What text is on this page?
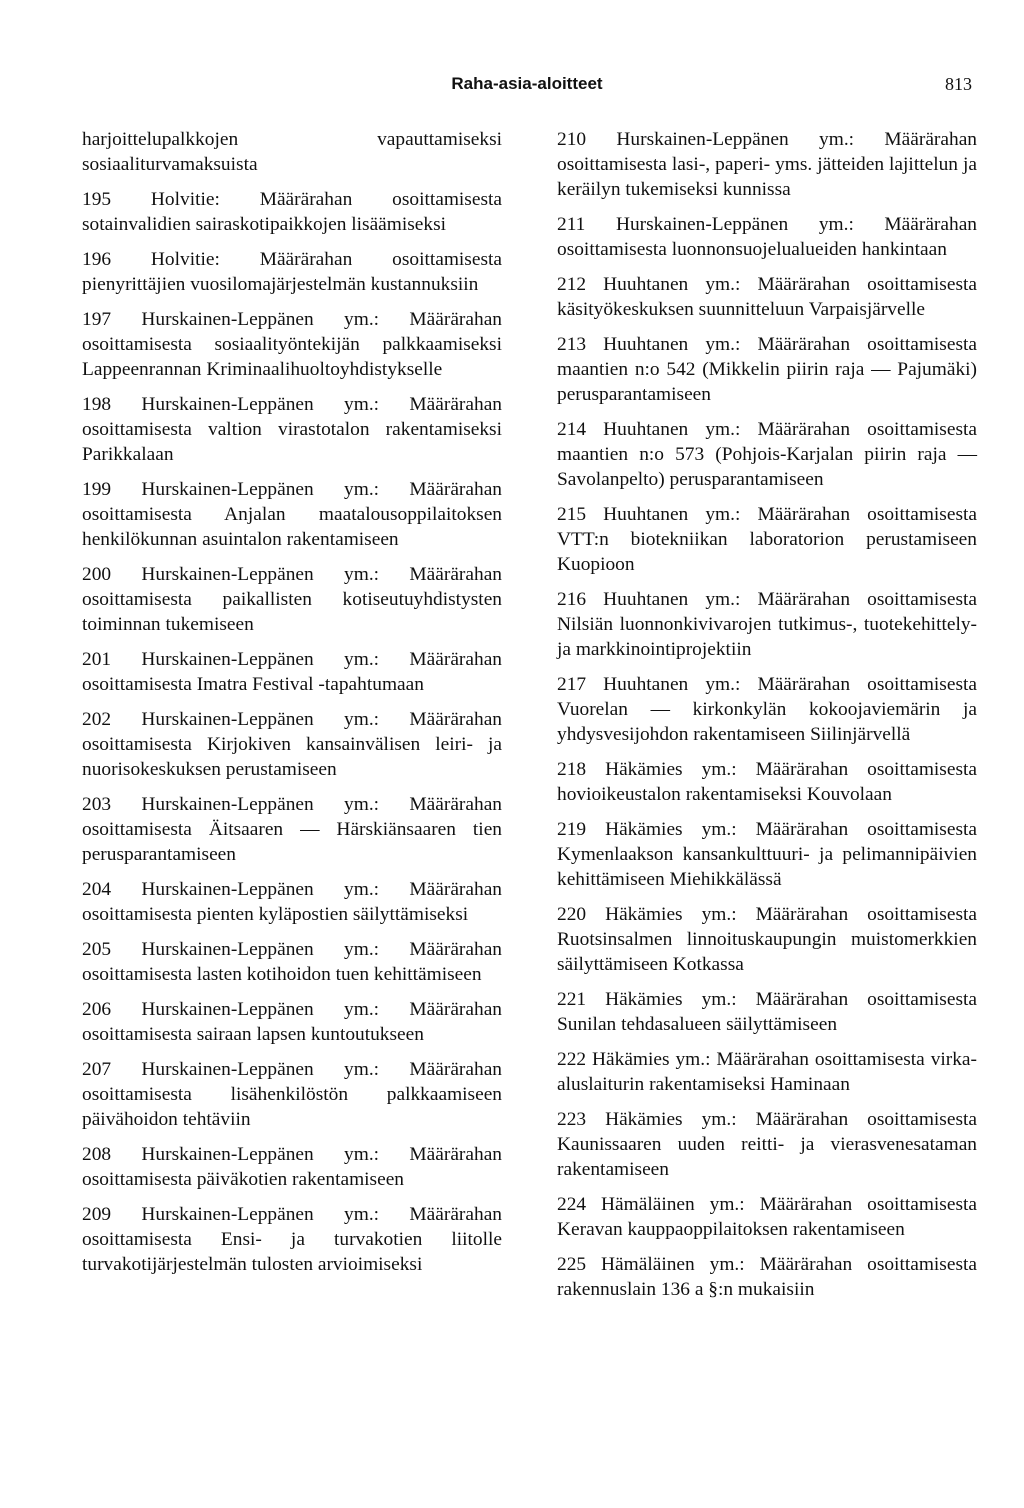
Raha-asia-aloitteet	813

harjoittelupalkkojen vapauttamiseksi sosiaaliturvamaksuista

195 Holvitie: Määrärahan osoittamisesta sotainvalidien sairaskotipaikkojen lisäämiseksi

196 Holvitie: Määrärahan osoittamisesta pienyrittäjien vuosilomajärjestelmän kustannuksiin

197 Hurskainen-Leppänen ym.: Määrärahan osoittamisesta sosiaalityöntekijän palkkaamiseksi Lappeenrannan Kriminaalihuoltoyhdistykselle

198 Hurskainen-Leppänen ym.: Määrärahan osoittamisesta valtion virastotalon rakentamiseksi Parikkalaan

199 Hurskainen-Leppänen ym.: Määrärahan osoittamisesta Anjalan maatalousoppilaitoksen henkilökunnan asuintalon rakentamiseen

200 Hurskainen-Leppänen ym.: Määrärahan osoittamisesta paikallisten kotiseutuyhdistysten toiminnan tukemiseen

201 Hurskainen-Leppänen ym.: Määrärahan osoittamisesta Imatra Festival -tapahtumaan

202 Hurskainen-Leppänen ym.: Määrärahan osoittamisesta Kirjokiven kansainvälisen leiri- ja nuorisokeskuksen perustamiseen

203 Hurskainen-Leppänen ym.: Määrärahan osoittamisesta Äitsaaren — Härskiänsaaren tien perusparantamiseen

204 Hurskainen-Leppänen ym.: Määrärahan osoittamisesta pienten kyläpostien säilyttämiseksi

205 Hurskainen-Leppänen ym.: Määrärahan osoittamisesta lasten kotihoidon tuen kehittämiseen

206 Hurskainen-Leppänen ym.: Määrärahan osoittamisesta sairaan lapsen kuntoutukseen

207 Hurskainen-Leppänen ym.: Määrärahan osoittamisesta lisähenkilöstön palkkaamiseen päivähoidon tehtäviin

208 Hurskainen-Leppänen ym.: Määrärahan osoittamisesta päiväkotien rakentamiseen

209 Hurskainen-Leppänen ym.: Määrärahan osoittamisesta Ensi- ja turvakotien liitolle turvakotijärjestelmän tulosten arvioimiseksi

210 Hurskainen-Leppänen ym.: Määrärahan osoittamisesta lasi-, paperi- yms. jätteiden lajittelun ja keräilyn tukemiseksi kunnissa

211 Hurskainen-Leppänen ym.: Määrärahan osoittamisesta luonnonsuojelualueiden hankintaan

212 Huuhtanen ym.: Määrärahan osoittamisesta käsityökeskuksen suunnitteluun Varpaisjärvelle

213 Huuhtanen ym.: Määrärahan osoittamisesta maantien n:o 542 (Mikkelin piirin raja — Pajumäki) perusparantamiseen

214 Huuhtanen ym.: Määrärahan osoittamisesta maantien n:o 573 (Pohjois-Karjalan piirin raja — Savolanpelto) perusparantamiseen

215 Huuhtanen ym.: Määrärahan osoittamisesta VTT:n biotekniikan laboratorion perustamiseen Kuopioon

216 Huuhtanen ym.: Määrärahan osoittamisesta Nilsiän luonnonkivivarojen tutkimus-, tuotekehittely- ja markkinointiprojektiin

217 Huuhtanen ym.: Määrärahan osoittamisesta Vuorelan — kirkonkylän kokoojaviemärin ja yhdysvesijohdon rakentamiseen Siilinjärvellä

218 Häkämies ym.: Määrärahan osoittamisesta hovioikeustalon rakentamiseksi Kouvolaan

219 Häkämies ym.: Määrärahan osoittamisesta Kymenlaakson kansankulttuuri- ja pelimannipäivien kehittämiseen Miehikkälässä

220 Häkämies ym.: Määrärahan osoittamisesta Ruotsinsalmen linnoituskaupungin muistomerkkien säilyttämiseen Kotkassa

221 Häkämies ym.: Määrärahan osoittamisesta Sunilan tehdasalueen säilyttämiseen

222 Häkämies ym.: Määrärahan osoittamisesta virka-aluslaiturin rakentamiseksi Haminaan

223 Häkämies ym.: Määrärahan osoittamisesta Kaunissaaren uuden reitti- ja vierasvenesataman rakentamiseen

224 Hämäläinen ym.: Määrärahan osoittamisesta Keravan kauppaoppilaitoksen rakentamiseen

225 Hämäläinen ym.: Määrärahan osoittamisesta rakennuslain 136 a §:n mukaisiin
